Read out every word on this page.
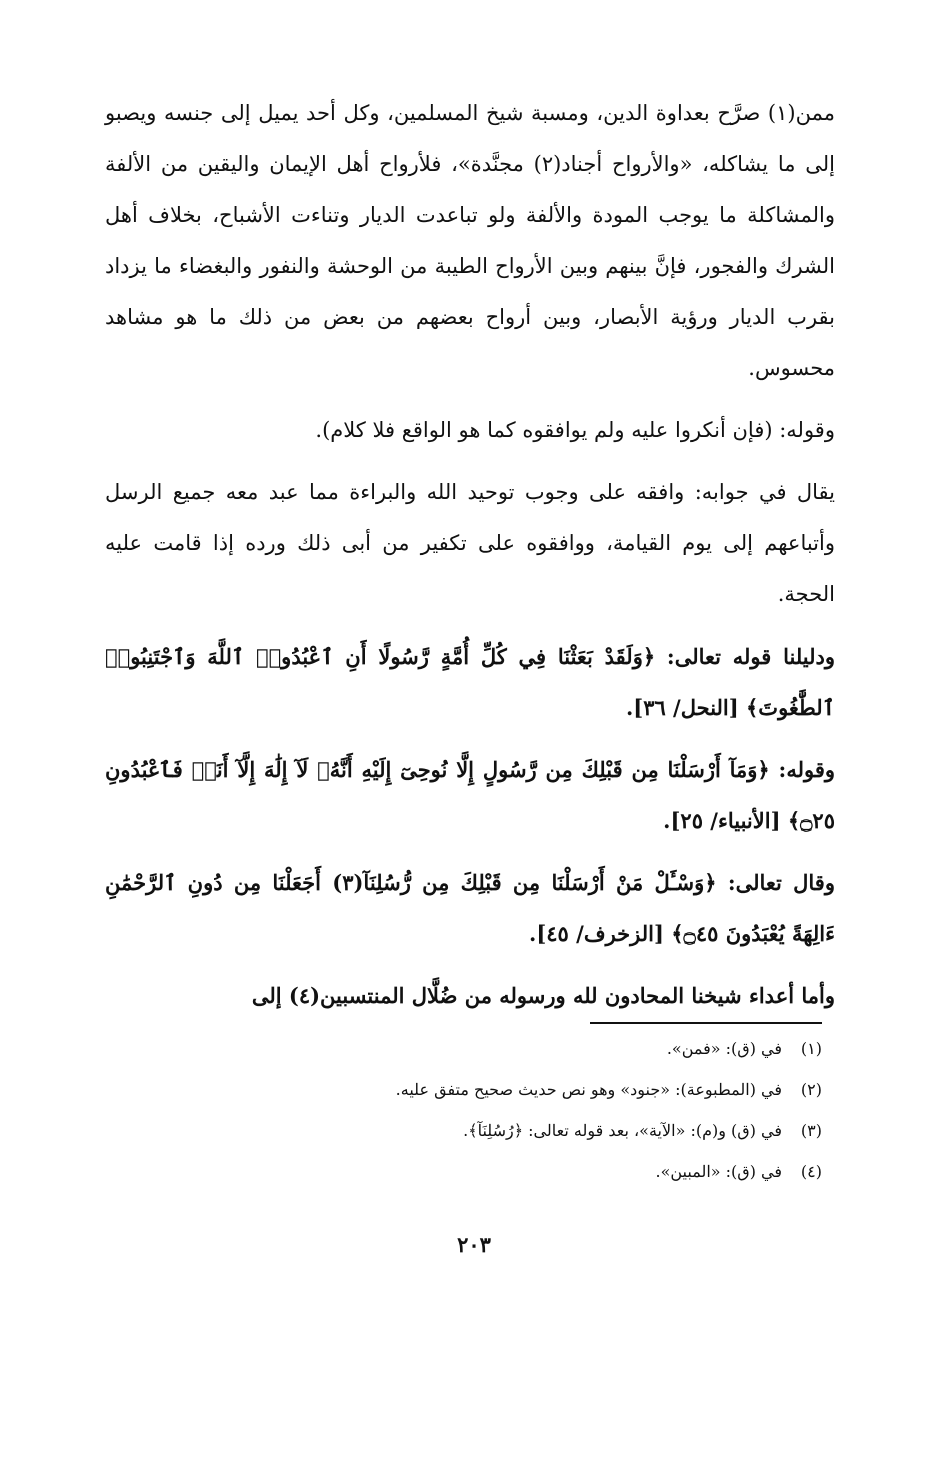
ممن(١) صرَّح بعداوة الدين، ومسبة شيخ المسلمين، وكل أحد يميل إلى جنسه ويصبو إلى ما يشاكله، «والأرواح أجناد(٢) مجنَّدة»، فلأرواح أهل الإيمان واليقين من الألفة والمشاكلة ما يوجب المودة والألفة ولو تباعدت الديار وتناءت الأشباح، بخلاف أهل الشرك والفجور، فإنَّ بينهم وبين الأرواح الطيبة من الوحشة والنفور والبغضاء ما يزداد بقرب الديار ورؤية الأبصار، وبين أرواح بعضهم من بعض من ذلك ما هو مشاهد محسوس.

وقوله: (فإن أنكروا عليه ولم يوافقوه كما هو الواقع فلا كلام).

يقال في جوابه: وافقه على وجوب توحيد الله والبراءة مما عبد معه جميع الرسل وأتباعهم إلى يوم القيامة، ووافقوه على تكفير من أبى ذلك ورده إذا قامت عليه الحجة.

ودليلنا قوله تعالى: ﴿وَلَقَدْ بَعَثْنَا فِي كُلِّ أُمَّةٍ رَّسُولًا أَنِ ٱعْبُدُوا۟ ٱللَّهَ وَٱجْتَنِبُوا۟ ٱلطَّٰغُوتَ﴾ [النحل/ ٣٦].

وقوله: ﴿وَمَآ أَرْسَلْنَا مِن قَبْلِكَ مِن رَّسُولٍ إِلَّا نُوحِىٓ إِلَيْهِ أَنَّهُۥ لَآ إِلَٰهَ إِلَّآ أَنَا۠ فَٱعْبُدُونِ ۝٢٥﴾ [الأنبياء/ ٢٥].

وقال تعالى: ﴿وَسْـَٔلْ مَنْ أَرْسَلْنَا مِن قَبْلِكَ مِن رُّسُلِنَآ(٣) أَجَعَلْنَا مِن دُونِ ٱلرَّحْمَٰنِ ءَالِهَةً يُعْبَدُونَ ۝٤٥﴾ [الزخرف/ ٤٥].

وأما أعداء شيخنا المحادون لله ورسوله من ضُلَّال المنتسبين(٤) إلى

(١)
في (ق): «فمن».
(٢)
في (المطبوعة): «جنود» وهو نص حديث صحيح متفق عليه.
(٣)
في (ق) و(م): «الآية»، بعد قوله تعالى: ﴿رُسُلِنَآ﴾.
(٤)
في (ق): «المبين».
٢٠٣
